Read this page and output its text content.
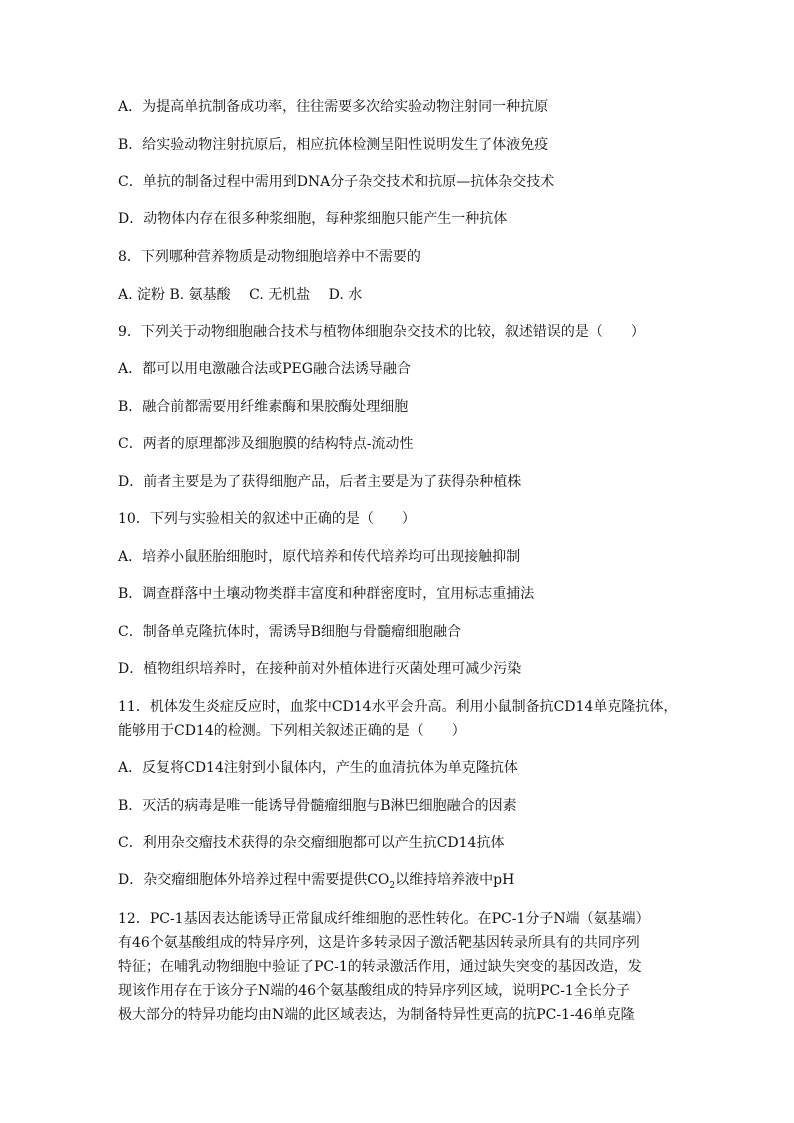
A．为提高单抗制备成功率，往往需要多次给实验动物注射同一种抗原
B．给实验动物注射抗原后，相应抗体检测呈阳性说明发生了体液免疫
C．单抗的制备过程中需用到DNA分子杂交技术和抗原—抗体杂交技术
D．动物体内存在很多种浆细胞，每种浆细胞只能产生一种抗体
8．下列哪种营养物质是动物细胞培养中不需要的
A. 淀粉 B. 氨基酸　 C. 无机盐　 D. 水
9．下列关于动物细胞融合技术与植物体细胞杂交技术的比较，叙述错误的是（　　）
A．都可以用电激融合法或PEG融合法诱导融合
B．融合前都需要用纤维素酶和果胶酶处理细胞
C．两者的原理都涉及细胞膜的结构特点-流动性
D．前者主要是为了获得细胞产品，后者主要是为了获得杂种植株
10．下列与实验相关的叙述中正确的是（　　）
A．培养小鼠胚胎细胞时，原代培养和传代培养均可出现接触抑制
B．调查群落中土壤动物类群丰富度和种群密度时，宜用标志重捕法
C．制备单克隆抗体时，需诱导B细胞与骨髓瘤细胞融合
D．植物组织培养时，在接种前对外植体进行灭菌处理可减少污染
11．机体发生炎症反应时，血浆中CD14水平会升高。利用小鼠制备抗CD14单克隆抗体，
能够用于CD14的检测。下列相关叙述正确的是（　　）
A．反复将CD14注射到小鼠体内，产生的血清抗体为单克隆抗体
B．灭活的病毒是唯一能诱导骨髓瘤细胞与B淋巴细胞融合的因素
C．利用杂交瘤技术获得的杂交瘤细胞都可以产生抗CD14抗体
D．杂交瘤细胞体外培养过程中需要提供$CO_2$以维持培养液中pH
12．PC-1基因表达能诱导正常鼠成纤维细胞的恶性转化。在PC-1分子N端（氨基端）
有46个氨基酸组成的特异序列，这是许多转录因子激活靶基因转录所具有的共同序列
特征；在哺乳动物细胞中验证了PC-1的转录激活作用，通过缺失突变的基因改造，发
现该作用存在于该分子N端的46个氨基酸组成的特异序列区域，说明PC-1全长分子
极大部分的特异功能均由N端的此区域表达，为制备特异性更高的抗PC-1-46单克隆
